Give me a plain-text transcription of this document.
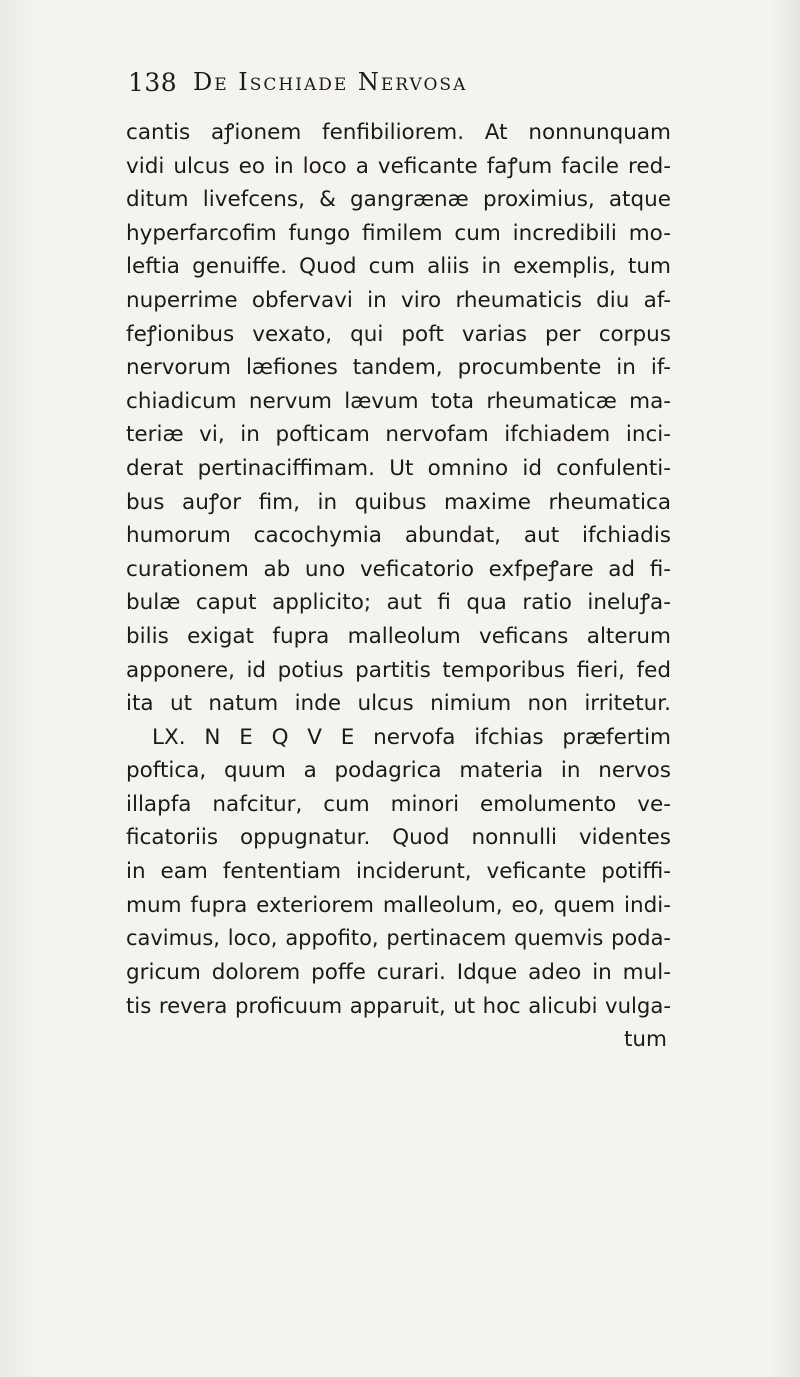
138 De Ischiade Nervosa
cantis aꝭionem fenfibiliorem. At nonnunquam
vidi ulcus eo in loco a veficante faꝭum facile red-
ditum livefcens, & gangrænæ proximius, atque
hyperfarcofim fungo fimilem cum incredibili mo-
leftia genuiffe. Quod cum aliis in exemplis, tum
nuperrime obfervavi in viro rheumaticis diu af-
feꝭionibus vexato, qui poft varias per corpus
nervorum læfiones tandem, procumbente in if-
chiadicum nervum lævum tota rheumaticæ ma-
teriæ vi, in pofticam nervofam ifchiadem inci-
derat pertinaciffimam. Ut omnino id confulenti-
bus auꝭor fim, in quibus maxime rheumatica
humorum cacochymia abundat, aut ifchiadis
curationem ab uno veficatorio exfpeꝭare ad fi-
bulæ caput applicito; aut fi qua ratio ineluꝭa-
bilis exigat fupra malleolum veficans alterum
apponere, id potius partitis temporibus fieri, fed
ita ut natum inde ulcus nimium non irritetur.
LX. N E Q V E nervofa ifchias præfertim
poftica, quum a podagrica materia in nervos
illapfa nafcitur, cum minori emolumento ve-
ficatoriis oppugnatur. Quod nonnulli videntes
in eam fententiam inciderunt, veficante potiffi-
mum fupra exteriorem malleolum, eo, quem indi-
cavimus, loco, appofito, pertinacem quemvis poda-
gricum dolorem poffe curari. Idque adeo in mul-
tis revera proficuum apparuit, ut hoc alicubi vulga-
tum
